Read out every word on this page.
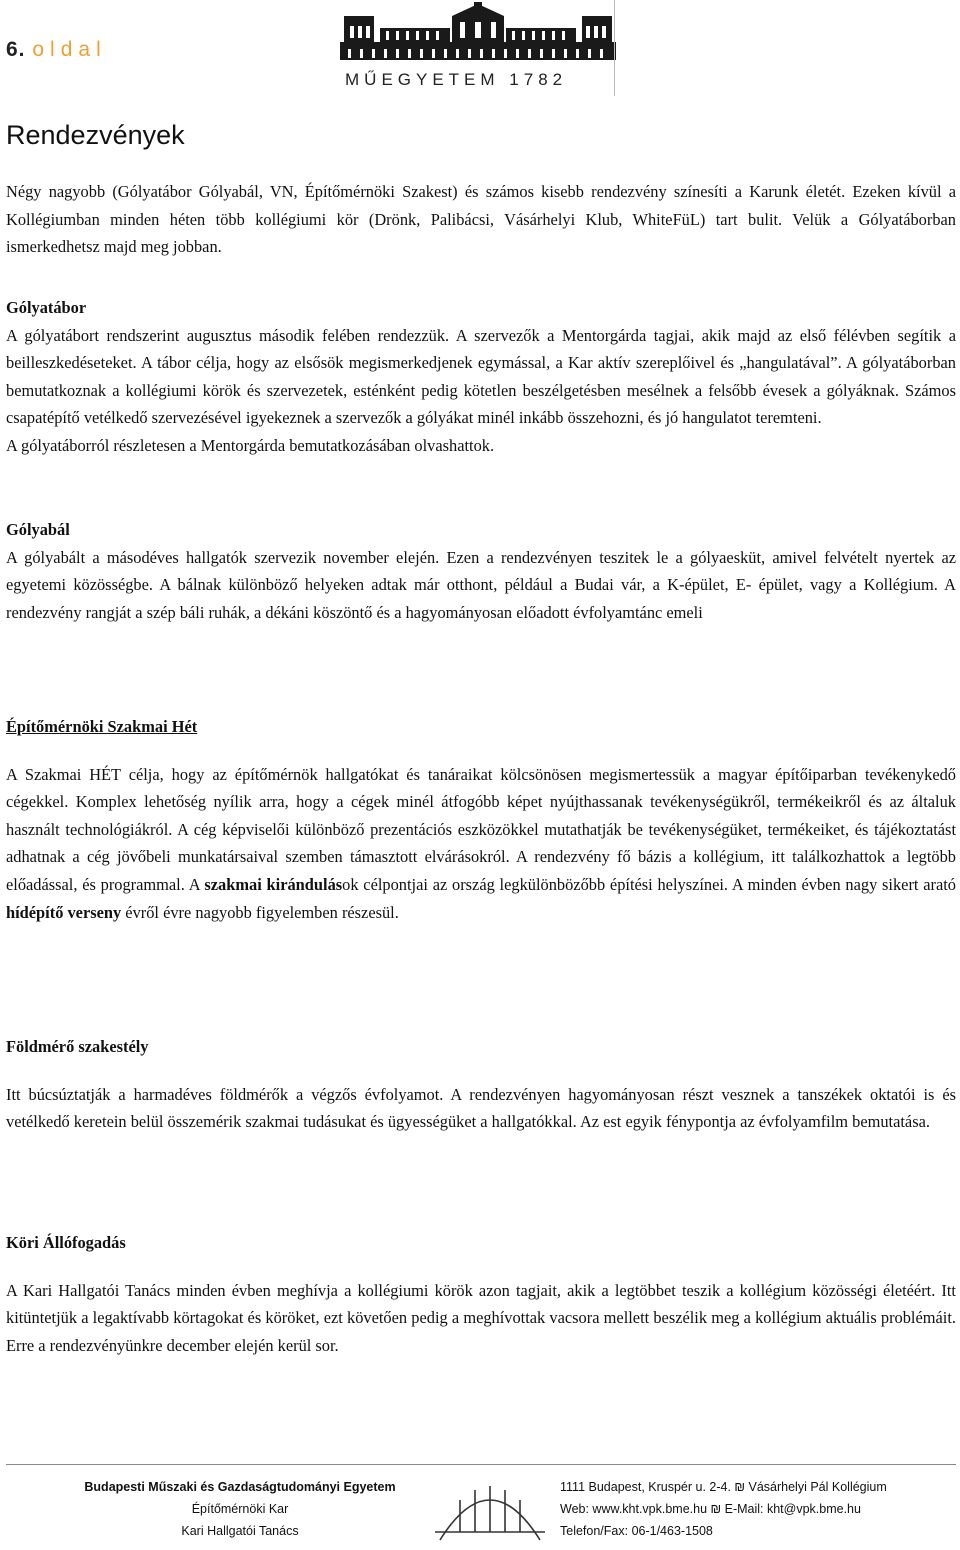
6. oldal
MŰEGYETEM 1782
Rendezvények

Négy nagyobb (Gólyatábor Gólyabál, VN, Építőmérnöki Szakest) és számos kisebb rendezvény színesíti a Karunk életét. Ezeken kívül a Kollégiumban minden héten több kollégiumi kör (Drönk, Palibácsi, Vásárhelyi Klub, WhiteFüL) tart bulit. Velük a Gólyatáborban ismerkedhetsz majd meg jobban.

Gólyatábor

A gólyatábort rendszerint augusztus második felében rendezzük. A szervezők a Mentorgárda tagjai, akik majd az első félévben segítik a beilleszkedéseteket. A tábor célja, hogy az elsősök megismerkedjenek egymással, a Kar aktív szereplőivel és „hangulatával”. A gólyatáborban bemutatkoznak a kollégiumi körök és szervezetek, esténként pedig kötetlen beszélgetésben mesélnek a felsőbb évesek a gólyáknak. Számos csapatépítő vetélkedő szervezésével igyekeznek a szervezők a gólyákat minél inkább összehozni, és jó hangulatot teremteni.

A gólyatáborról részletesen a Mentorgárda bemutatkozásában olvashattok.

Gólyabál

A gólyabált a másodéves hallgatók szervezik november elején. Ezen a rendezvényen teszitek le a gólyaesküt, amivel felvételt nyertek az egyetemi közösségbe. A bálnak különböző helyeken adtak már otthont, például a Budai vár, a K-épület, E- épület, vagy a Kollégium. A rendezvény rangját a szép báli ruhák, a dékáni köszöntő és a hagyományosan előadott évfolyamtánc emeli

Építőmérnöki Szakmai Hét

A Szakmai HÉT célja, hogy az építőmérnök hallgatókat és tanáraikat kölcsönösen megismertessük a magyar építőiparban tevékenykedő cégekkel. Komplex lehetőség nyílik arra, hogy a cégek minél átfogóbb képet nyújthassanak tevékenységükről, termékeikről és az általuk használt technológiákról. A cég képviselői különböző prezentációs eszközökkel mutathatják be tevékenységüket, termékeiket, és tájékoztatást adhatnak a cég jövőbeli munkatársaival szemben támasztott elvárásokról. A rendezvény fő bázis a kollégium, itt találkozhattok a legtöbb előadással, és programmal. A szakmai kirándulások célpontjai az ország legkülönbözőbb építési helyszínei. A minden évben nagy sikert arató hídépítő verseny évről évre nagyobb figyelemben részesül.

Földmérő szakestély

Itt búcsúztatják a harmadéves földmérők a végzős évfolyamot. A rendezvényen hagyományosan részt vesznek a tanszékek oktatói is és vetélkedő keretein belül összemérik szakmai tudásukat és ügyességüket a hallgatókkal. Az est egyik fénypontja az évfolyamfilm bemutatása.

Köri Állófogadás

A Kari Hallgatói Tanács minden évben meghívja a kollégiumi körök azon tagjait, akik a legtöbbet teszik a kollégium közösségi életéért. Itt kitüntetjük a legaktívabb körtagokat és köröket, ezt követően pedig a meghívottak vacsora mellett beszélik meg a kollégium aktuális problémáit. Erre a rendezvényünkre december elején kerül sor.

Budapesti Műszaki és Gazdaságtudományi Egyetem
Építőmérnöki Kar
Kari Hallgatói Tanács
1111 Budapest, Kruspér u. 2-4. ₪ Vásárhelyi Pál Kollégium
Web: www.kht.vpk.bme.hu ₪ E-Mail: kht@vpk.bme.hu
Telefon/Fax: 06-1/463-1508
